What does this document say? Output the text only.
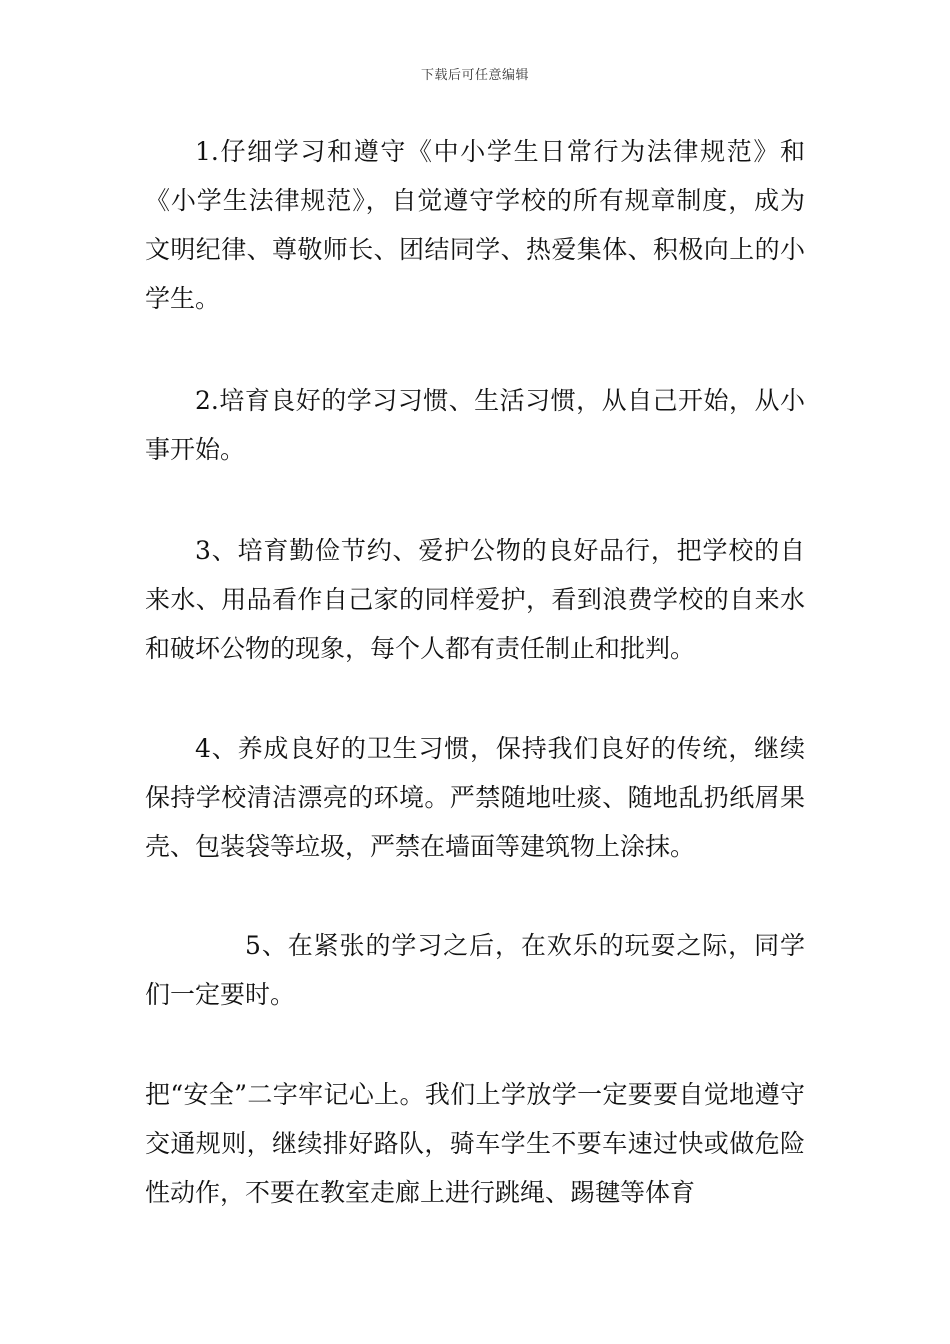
下载后可任意编辑

1.仔细学习和遵守《中小学生日常行为法律规范》和《小学生法律规范》，自觉遵守学校的所有规章制度，成为文明纪律、尊敬师长、团结同学、热爱集体、积极向上的小学生。

2.培育良好的学习习惯、生活习惯，从自己开始，从小事开始。

3、培育勤俭节约、爱护公物的良好品行，把学校的自来水、用品看作自己家的同样爱护，看到浪费学校的自来水和破坏公物的现象，每个人都有责任制止和批判。

4、养成良好的卫生习惯，保持我们良好的传统，继续保持学校清洁漂亮的环境。严禁随地吐痰、随地乱扔纸屑果壳、包装袋等垃圾，严禁在墙面等建筑物上涂抹。

5、在紧张的学习之后，在欢乐的玩耍之际，同学们一定要时。

把“安全”二字牢记心上。我们上学放学一定要要自觉地遵守交通规则，继续排好路队，骑车学生不要车速过快或做危险性动作，不要在教室走廊上进行跳绳、踢毽等体育
